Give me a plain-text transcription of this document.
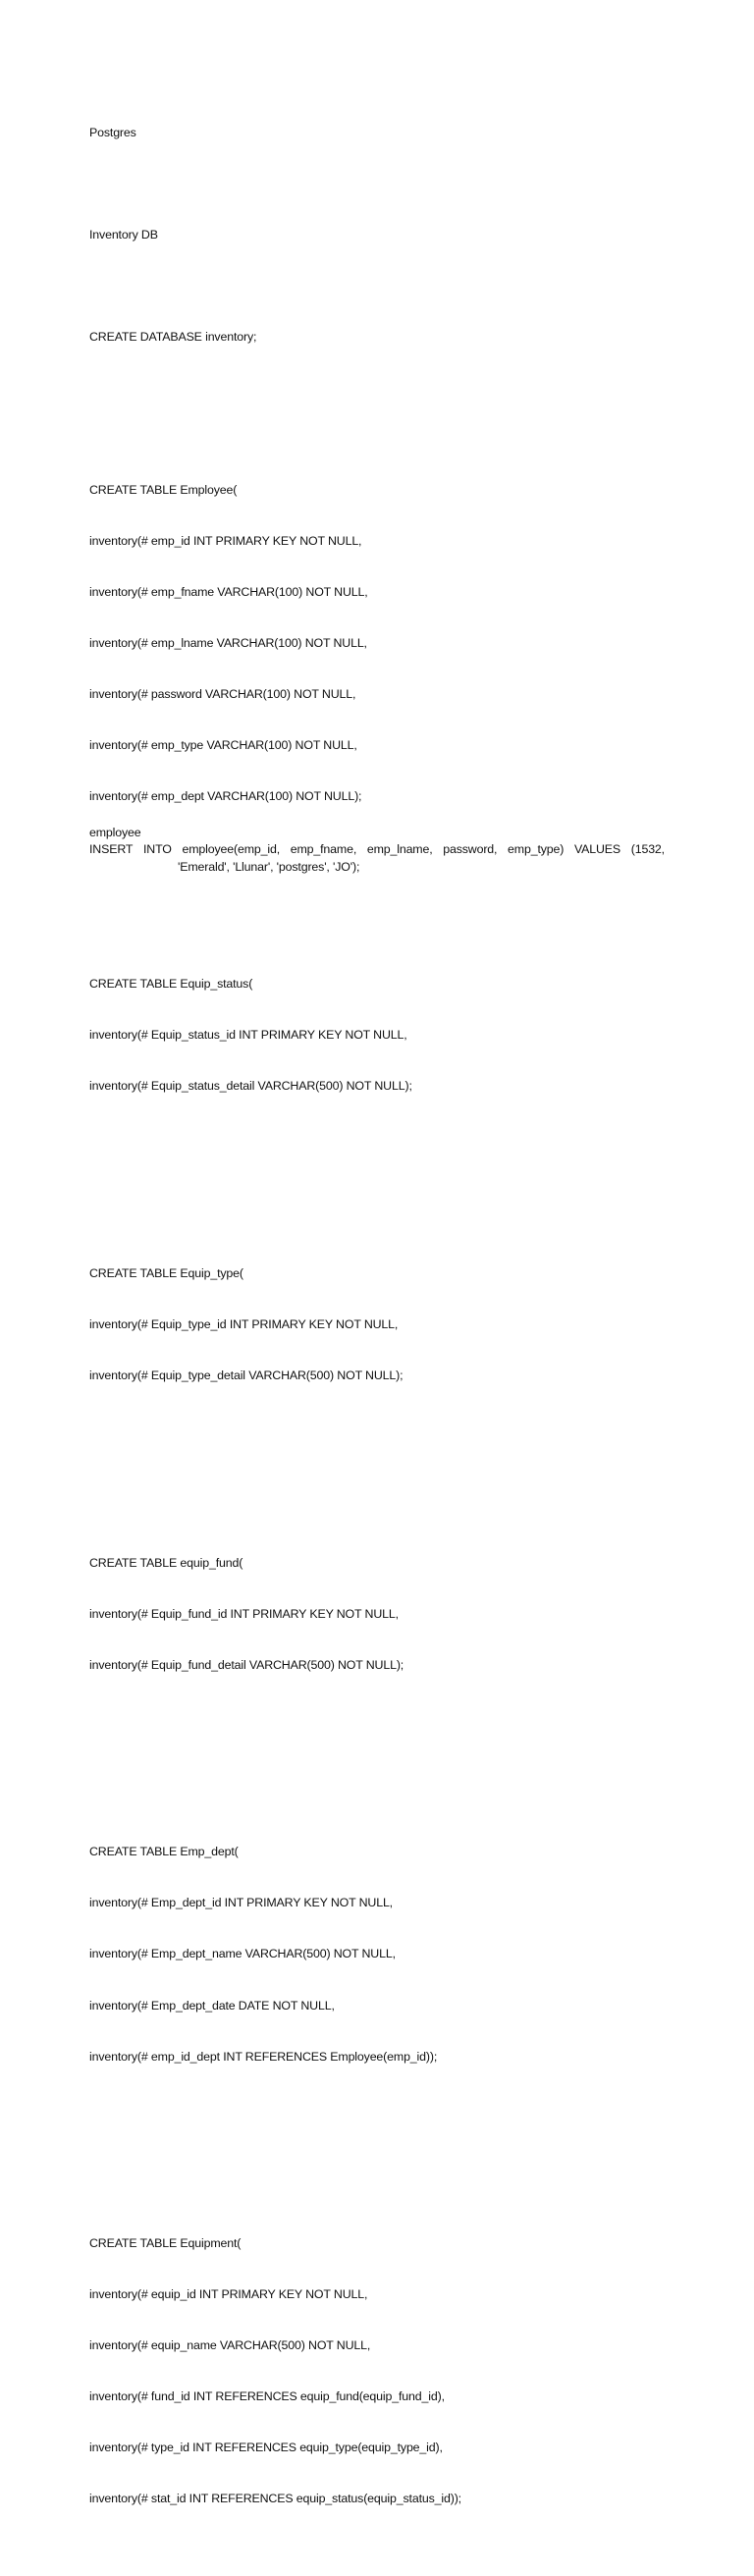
Postgres

Inventory DB

CREATE DATABASE inventory;

CREATE TABLE Employee(

inventory(# emp_id INT PRIMARY KEY NOT NULL,

inventory(# emp_fname VARCHAR(100) NOT NULL,

inventory(# emp_lname VARCHAR(100) NOT NULL,

inventory(# password VARCHAR(100) NOT NULL,

inventory(# emp_type VARCHAR(100) NOT NULL,

inventory(# emp_dept VARCHAR(100) NOT NULL);

CREATE TABLE Equip_status(

inventory(# Equip_status_id INT PRIMARY KEY NOT NULL,

inventory(# Equip_status_detail VARCHAR(500) NOT NULL);

CREATE TABLE Equip_type(

inventory(# Equip_type_id INT PRIMARY KEY NOT NULL,

inventory(# Equip_type_detail VARCHAR(500) NOT NULL);

CREATE TABLE equip_fund(

inventory(# Equip_fund_id INT PRIMARY KEY NOT NULL,

inventory(# Equip_fund_detail VARCHAR(500) NOT NULL);

CREATE TABLE Emp_dept(

inventory(# Emp_dept_id INT PRIMARY KEY NOT NULL,

inventory(# Emp_dept_name VARCHAR(500) NOT NULL,

inventory(# Emp_dept_date DATE NOT NULL,

inventory(# emp_id_dept INT REFERENCES Employee(emp_id));

CREATE TABLE Equipment(

inventory(# equip_id INT PRIMARY KEY NOT NULL,

inventory(# equip_name VARCHAR(500) NOT NULL,

inventory(# fund_id INT REFERENCES equip_fund(equip_fund_id),

inventory(# type_id INT REFERENCES equip_type(equip_type_id),

inventory(# stat_id INT REFERENCES equip_status(equip_status_id));

employee
INSERT INTO employee(emp_id, emp_fname, emp_lname, password, emp_type) VALUES (1532,
'Emerald', 'Llunar', 'postgres', 'JO');
